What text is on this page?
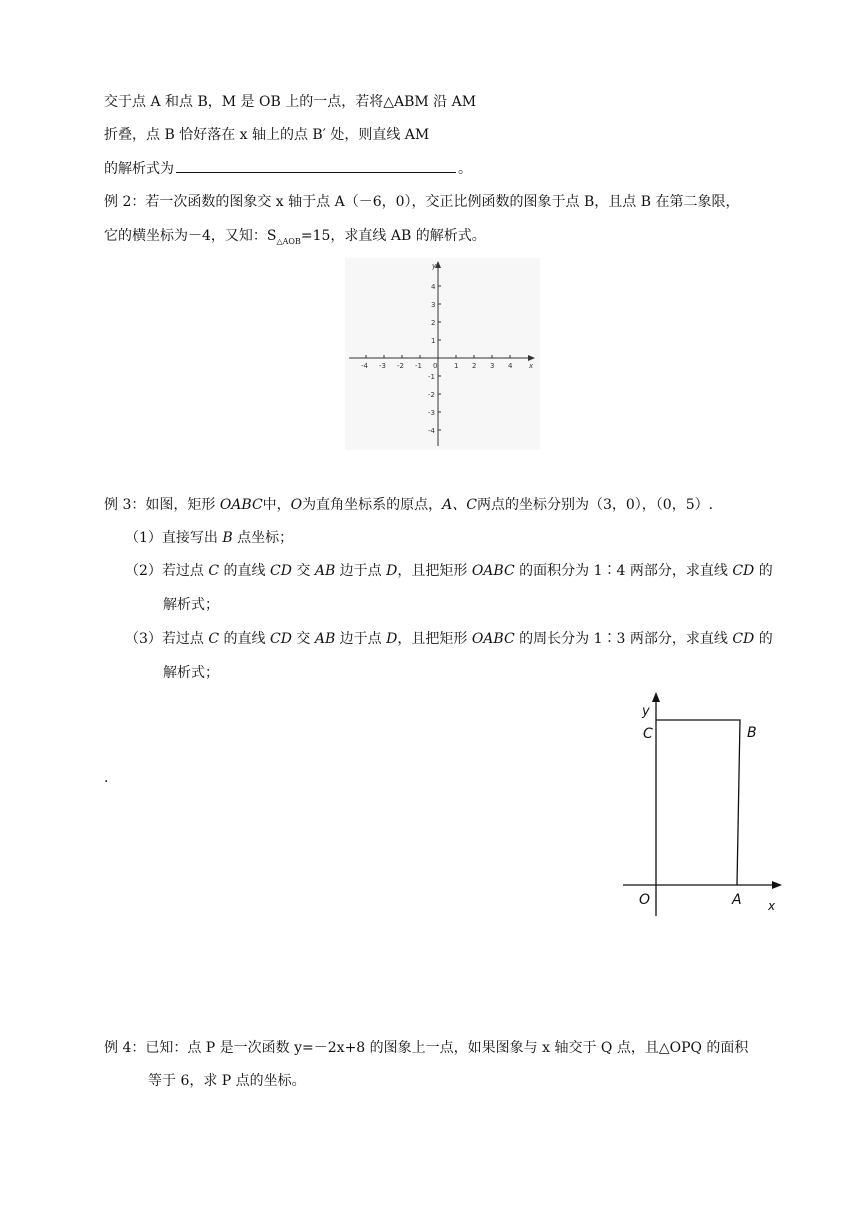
交于点 A 和点 B，M 是 OB 上的一点，若将△ABM 沿 AM
折叠，点 B 恰好落在 x 轴上的点 B′ 处，则直线 AM
的解析式为	。
例 2：若一次函数的图象交 x 轴于点 A（－6，0），交正比例函数的图象于点 B，且点 B 在第二象限，
它的横坐标为－4，又知：$S_{\triangle AOB}=15$，求直线 AB 的解析式。
-4 -3 -2 -1	1 2 3 4
4
3
2
1
-1
-2
-3
-4
x
y
0
例 3：如图，矩形 OABC中，O为直角坐标系的原点，A、C两点的坐标分别为（3，0），（0，5）.
（1）直接写出 B 点坐标；
（2）若过点 C 的直线 CD 交 AB 边于点 D，且把矩形 OABC 的面积分为 1∶4 两部分，求直线 CD 的
解析式；
（3）若过点 C 的直线 CD 交 AB 边于点 D，且把矩形 OABC 的周长分为 1∶3 两部分，求直线 CD 的
解析式；
.
y
C	B
O	A x
例 4：已知：点 P 是一次函数 y=－2x+8 的图象上一点，如果图象与 x 轴交于 Q 点，且△OPQ 的面积
等于 6，求 P 点的坐标。
